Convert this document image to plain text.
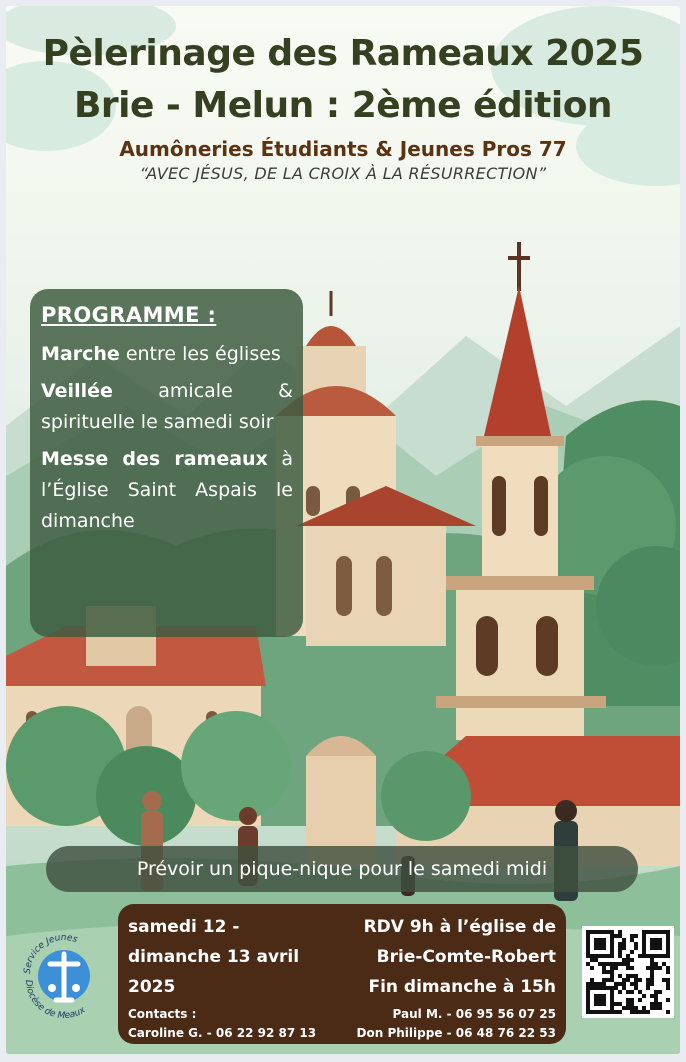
Pèlerinage des Rameaux 2025
Brie - Melun : 2ème édition
Aumôneries Étudiants & Jeunes Pros 77
“AVEC JÉSUS, DE LA CROIX À LA RÉSURRECTION”
PROGRAMME :

Marche entre les églises

Veillée amicale & spirituelle le samedi soir

Messe des rameaux à l’Église Saint Aspais le dimanche

Prévoir un pique-nique pour le samedi midi
samedi 12 -
dimanche 13 avril
2025
RDV 9h à l’église de
Brie-Comte-Robert
Fin dimanche à 15h
Contacts :
Caroline G. - 06 22 92 87 13
Paul M. - 06 95 56 07 25
Don Philippe - 06 48 76 22 53
Service Jeunes
Diocèse de Meaux
